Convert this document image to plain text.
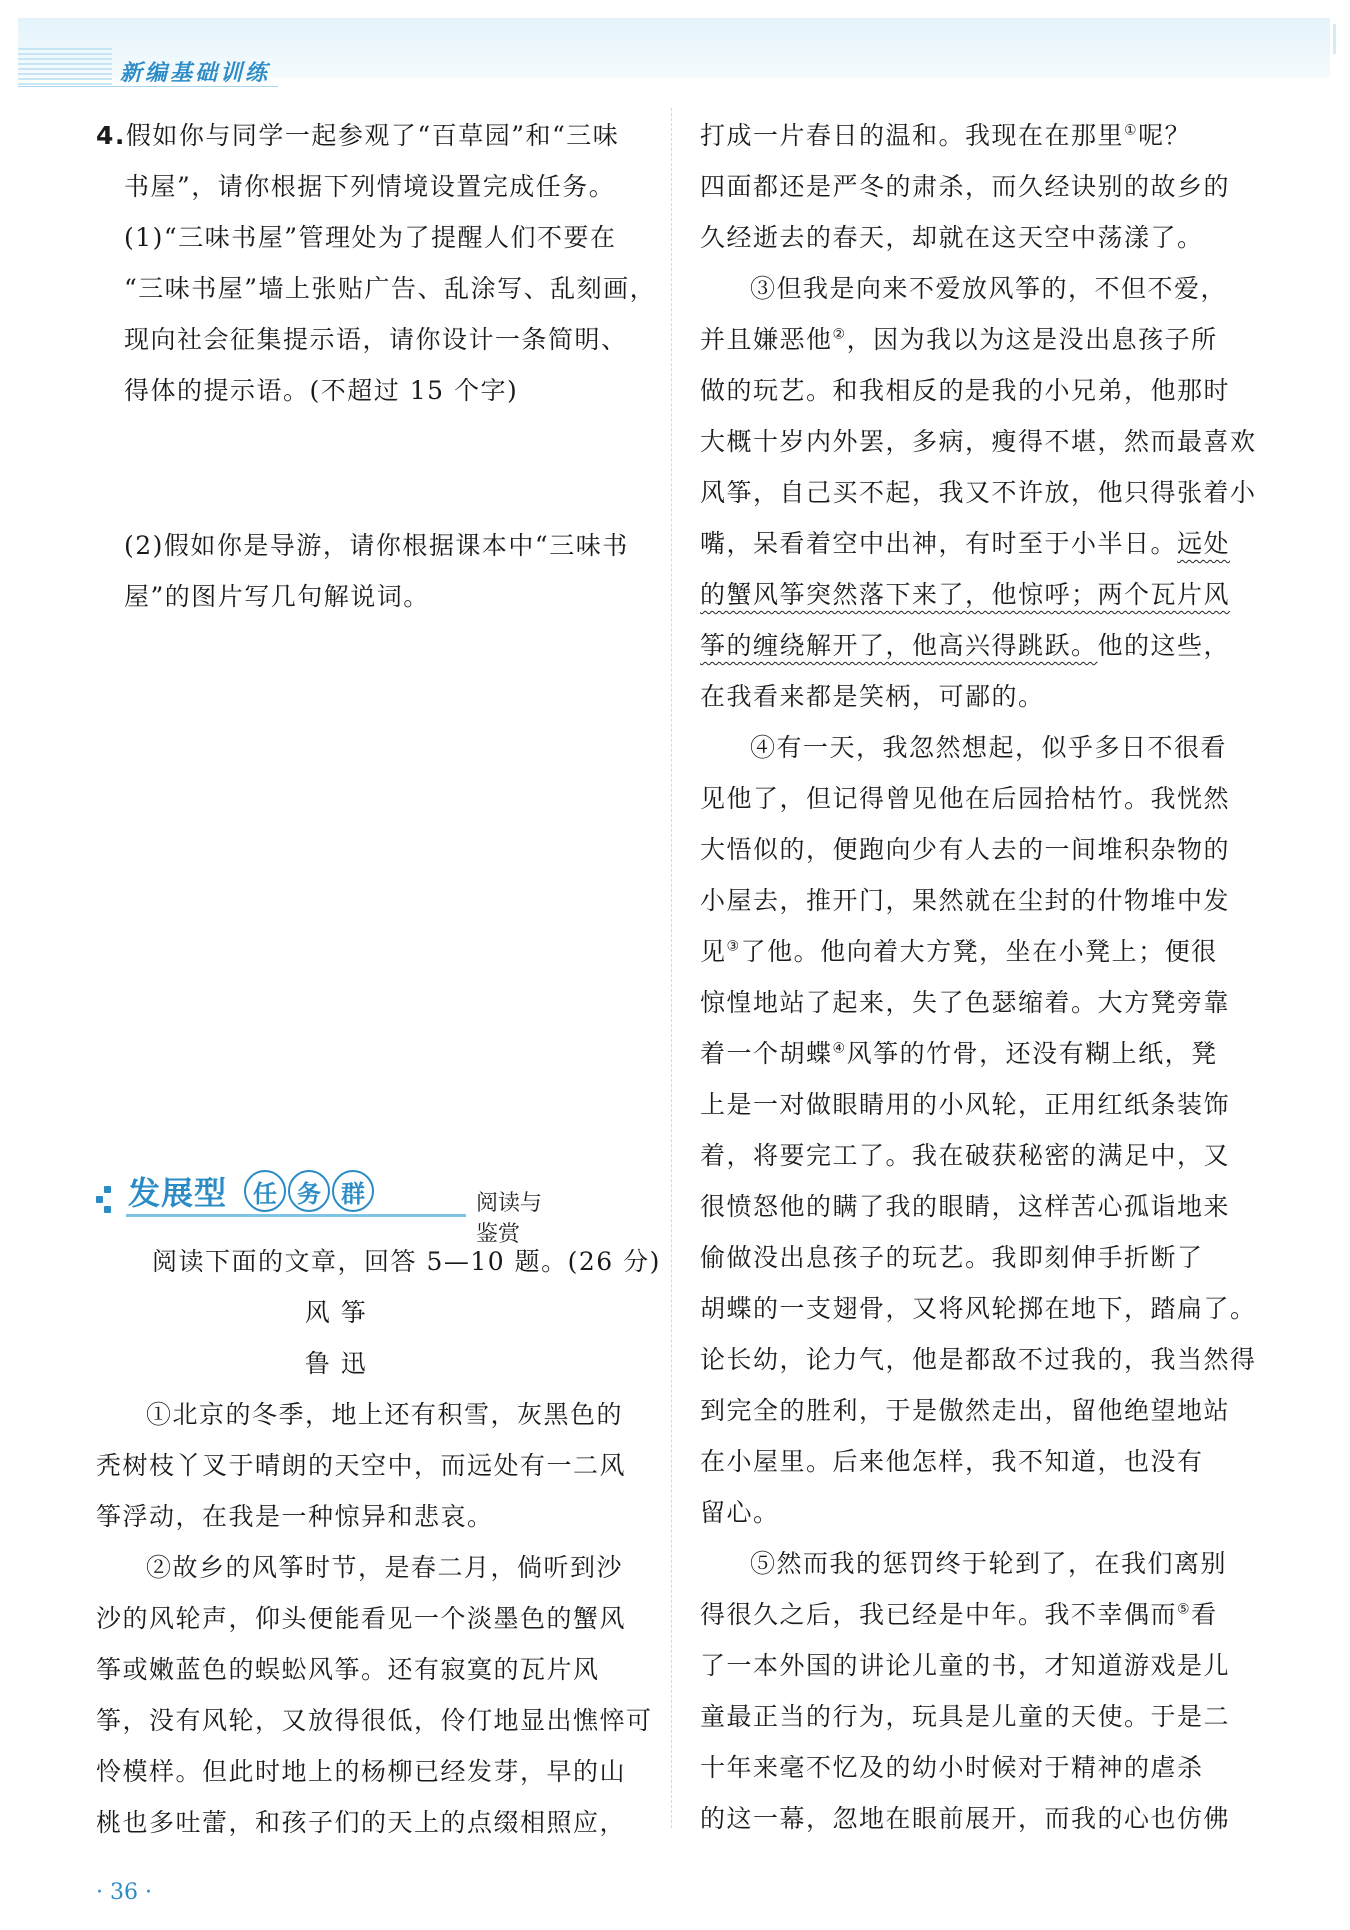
新编基础训练

4.假如你与同学一起参观了“百草园”和“三味

书屋”，请你根据下列情境设置完成任务。

(1)“三味书屋”管理处为了提醒人们不要在

“三味书屋”墙上张贴广告、乱涂写、乱刻画，

现向社会征集提示语，请你设计一条简明、

得体的提示语。(不超过 15 个字)

(2)假如你是导游，请你根据课本中“三味书

屋”的图片写几句解说词。

发展型	任 务 群	阅读与鉴赏

阅读下面的文章，回答 5—10 题。(26 分)

风 筝

鲁 迅

①北京的冬季，地上还有积雪，灰黑色的

秃树枝丫叉于晴朗的天空中，而远处有一二风

筝浮动，在我是一种惊异和悲哀。

②故乡的风筝时节，是春二月，倘听到沙

沙的风轮声，仰头便能看见一个淡墨色的蟹风

筝或嫩蓝色的蜈蚣风筝。还有寂寞的瓦片风

筝，没有风轮，又放得很低，伶仃地显出憔悴可

怜模样。但此时地上的杨柳已经发芽，早的山

桃也多吐蕾，和孩子们的天上的点缀相照应，

打成一片春日的温和。我现在在那里①呢？

四面都还是严冬的肃杀，而久经诀别的故乡的

久经逝去的春天，却就在这天空中荡漾了。

③但我是向来不爱放风筝的，不但不爱，

并且嫌恶他②，因为我以为这是没出息孩子所

做的玩艺。和我相反的是我的小兄弟，他那时

大概十岁内外罢，多病，瘦得不堪，然而最喜欢

风筝，自己买不起，我又不许放，他只得张着小

嘴，呆看着空中出神，有时至于小半日。远处

的蟹风筝突然落下来了，他惊呼；两个瓦片风

筝的缠绕解开了，他高兴得跳跃。他的这些，

在我看来都是笑柄，可鄙的。

④有一天，我忽然想起，似乎多日不很看

见他了，但记得曾见他在后园拾枯竹。我恍然

大悟似的，便跑向少有人去的一间堆积杂物的

小屋去，推开门，果然就在尘封的什物堆中发

见③了他。他向着大方凳，坐在小凳上；便很

惊惶地站了起来，失了色瑟缩着。大方凳旁靠

着一个胡蝶④风筝的竹骨，还没有糊上纸，凳

上是一对做眼睛用的小风轮，正用红纸条装饰

着，将要完工了。我在破获秘密的满足中，又

很愤怒他的瞒了我的眼睛，这样苦心孤诣地来

偷做没出息孩子的玩艺。我即刻伸手折断了

胡蝶的一支翅骨，又将风轮掷在地下，踏扁了。

论长幼，论力气，他是都敌不过我的，我当然得

到完全的胜利，于是傲然走出，留他绝望地站

在小屋里。后来他怎样，我不知道，也没有

留心。

⑤然而我的惩罚终于轮到了，在我们离别

得很久之后，我已经是中年。我不幸偶而⑤看

了一本外国的讲论儿童的书，才知道游戏是儿

童最正当的行为，玩具是儿童的天使。于是二

十年来毫不忆及的幼小时候对于精神的虐杀

的这一幕，忽地在眼前展开，而我的心也仿佛

· 36 ·
